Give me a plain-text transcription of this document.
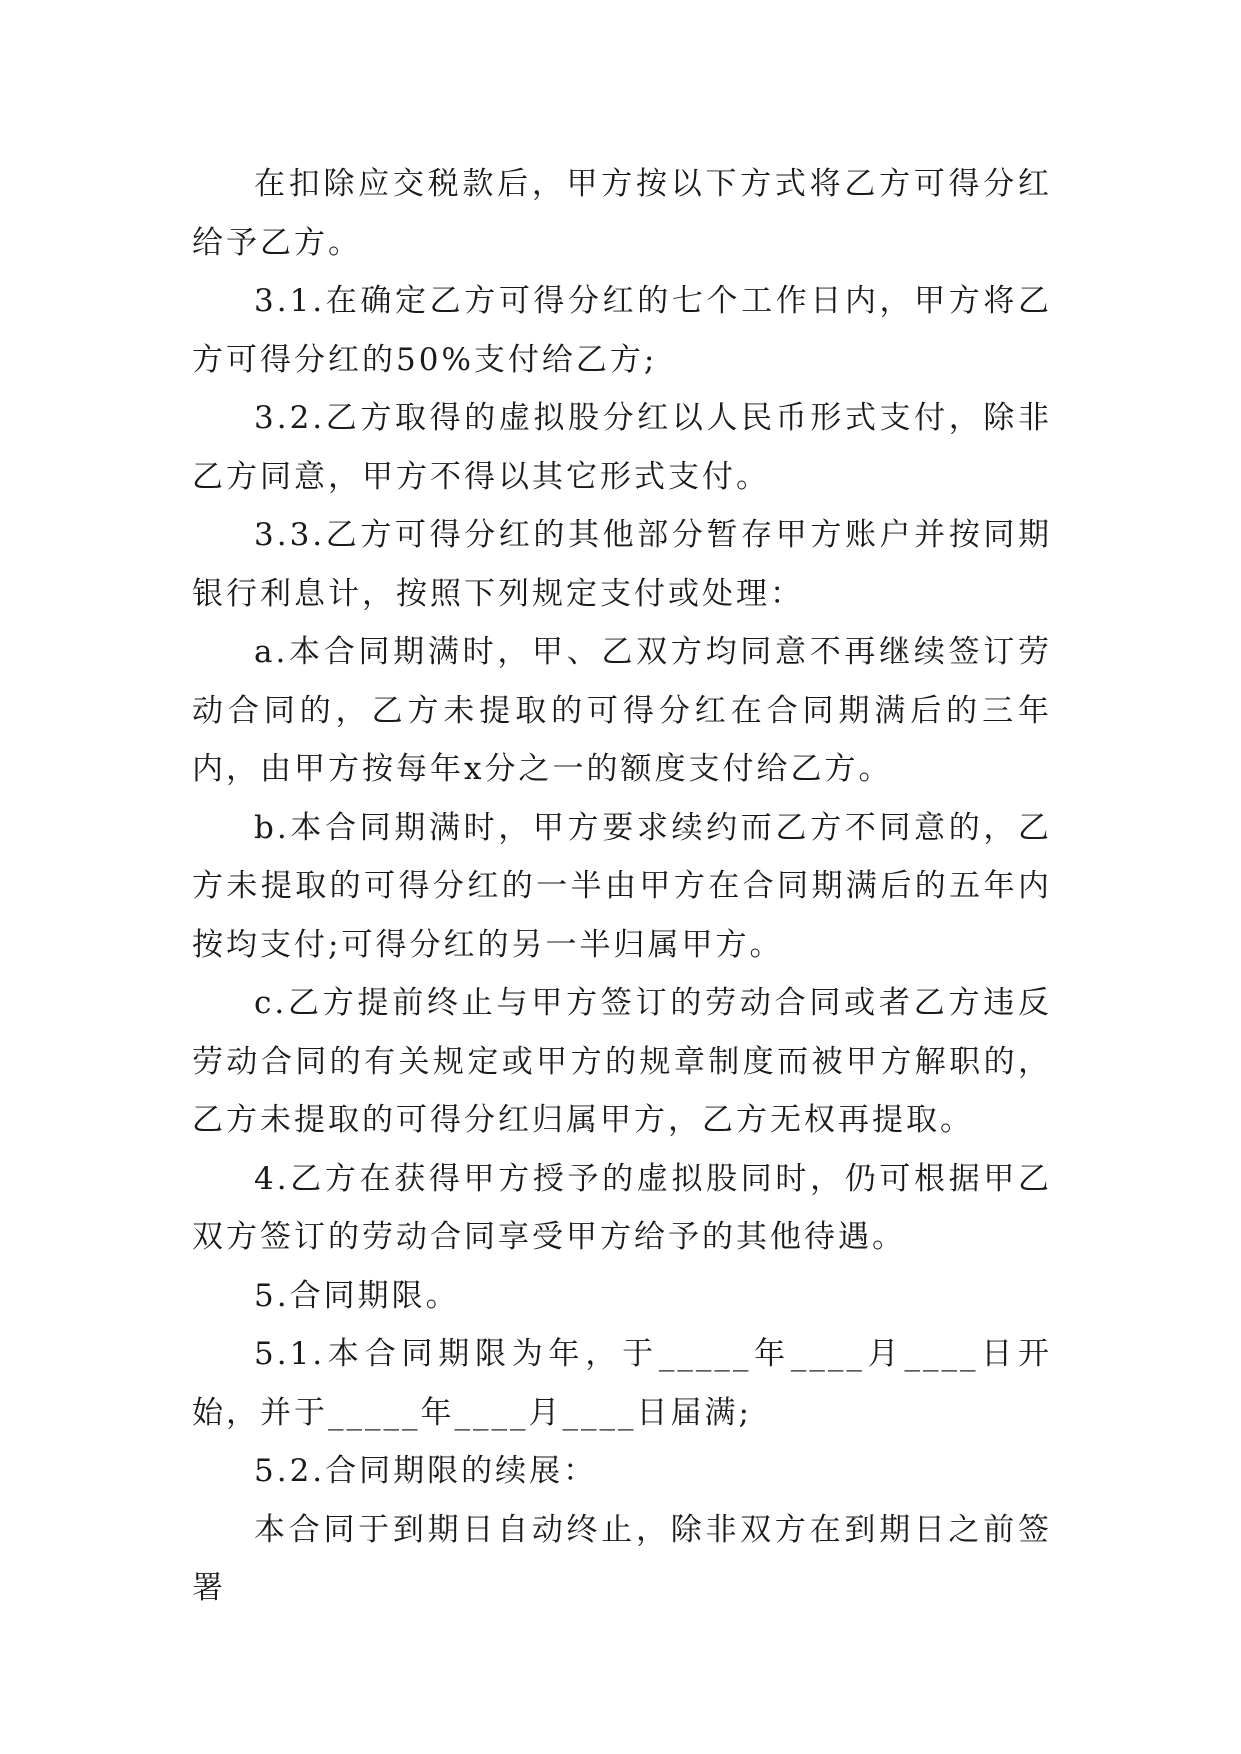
在扣除应交税款后，甲方按以下方式将乙方可得分红给予乙方。

3.1.在确定乙方可得分红的七个工作日内，甲方将乙方可得分红的50%支付给乙方;

3.2.乙方取得的虚拟股分红以人民币形式支付，除非乙方同意，甲方不得以其它形式支付。

3.3.乙方可得分红的其他部分暂存甲方账户并按同期银行利息计，按照下列规定支付或处理：

a.本合同期满时，甲、乙双方均同意不再继续签订劳动合同的，乙方未提取的可得分红在合同期满后的三年内，由甲方按每年x分之一的额度支付给乙方。

b.本合同期满时，甲方要求续约而乙方不同意的，乙方未提取的可得分红的一半由甲方在合同期满后的五年内按均支付;可得分红的另一半归属甲方。

c.乙方提前终止与甲方签订的劳动合同或者乙方违反劳动合同的有关规定或甲方的规章制度而被甲方解职的，乙方未提取的可得分红归属甲方，乙方无权再提取。

4.乙方在获得甲方授予的虚拟股同时，仍可根据甲乙双方签订的劳动合同享受甲方给予的其他待遇。

5.合同期限。

5.1.本合同期限为年，于_____年____月____日开始，并于_____年____月____日届满;

5.2.合同期限的续展：

本合同于到期日自动终止，除非双方在到期日之前签署
